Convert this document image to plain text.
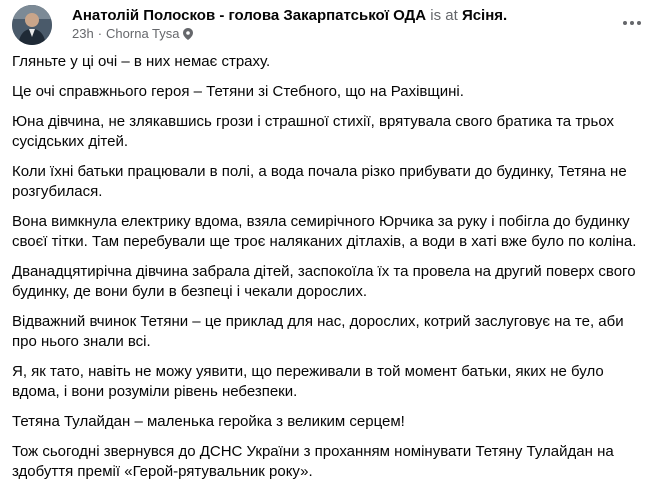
Анатолій Полосков - голова Закарпатської ОДА is at Ясіня.
23h · Chorna Tysa

Гляньте у ці очі – в них немає страху.

Це очі справжнього героя – Тетяни зі Стебного, що на Рахівщині.

Юна дівчина, не злякавшись грози і страшної стихії, врятувала свого братика та трьох сусідських дітей.

Коли їхні батьки працювали в полі, а вода почала різко прибувати до будинку, Тетяна не розгубилася.

Вона вимкнула електрику вдома, взяла семирічного Юрчика за руку і побігла до будинку своєї тітки. Там перебували ще троє наляканих дітлахів, а води в хаті вже було по коліна.

Дванадцятирічна дівчина забрала дітей, заспокоїла їх та провела на другий поверх свого будинку, де вони були в безпеці і чекали дорослих.

Відважний вчинок Тетяни – це приклад для нас, дорослих, котрий заслуговує на те, аби про нього знали всі.

Я, як тато, навіть не можу уявити, що переживали в той момент батьки, яких не було вдома, і вони розуміли рівень небезпеки.

Тетяна Тулайдан – маленька геройка з великим серцем!

Тож сьогодні звернувся до ДСНС України з проханням номінувати Тетяну Тулайдан на здобуття премії «Герой-рятувальник року».
